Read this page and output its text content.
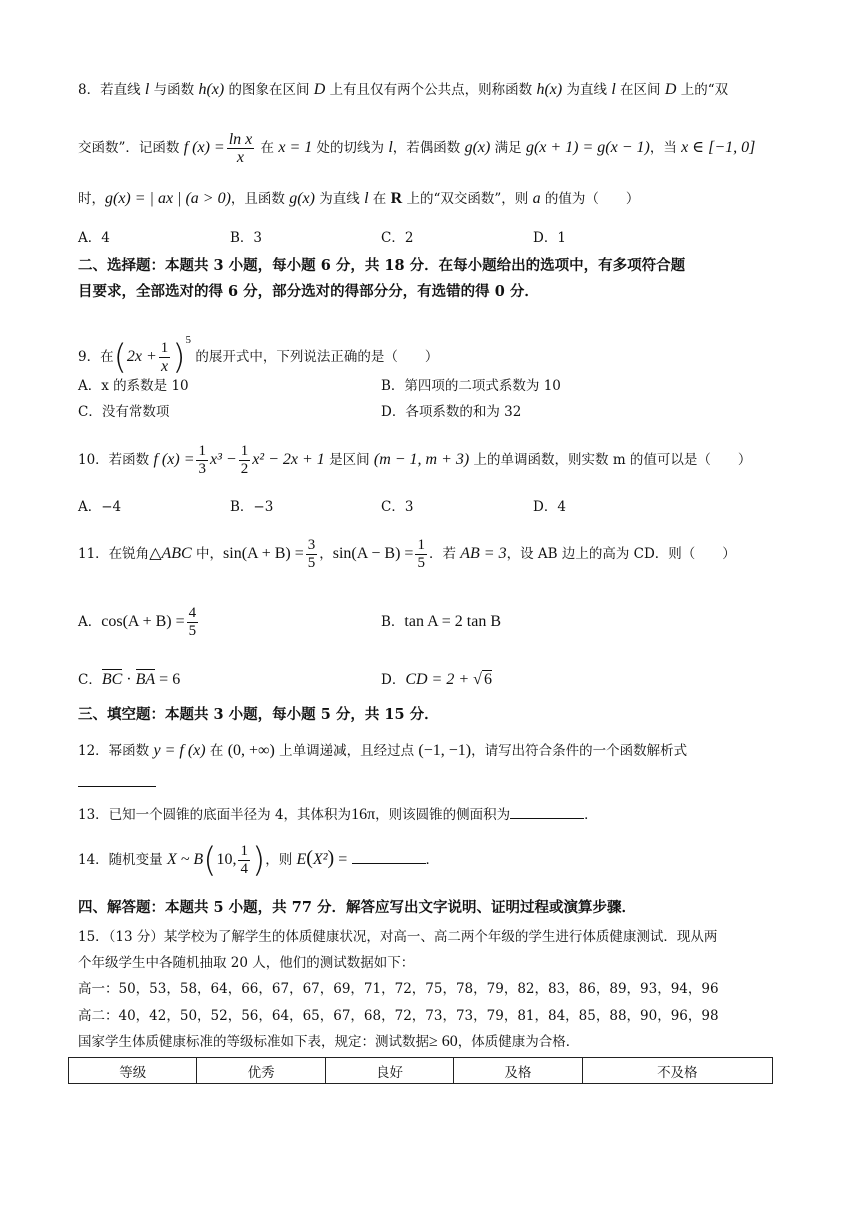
8．若直线 l 与函数 h(x) 的图象在区间 D 上有且仅有两个公共点，则称函数 h(x) 为直线 l 在区间 D 上的“双
交函数”．记函数 f $(x) = \frac{\text{ln x}}{x}$ 在 x = 1 处的切线为 l，若偶函数 g(x) 满足 g(x + 1) = g(x − 1)，当 x ∈ [−1, 0]
时，g(x) = | ax | (a > 0)，且函数 g(x) 为直线 l 在 R 上的“双交函数”，则 a 的值为（　　）
A．4	B．3	C．2	D．1
二、选择题：本题共 3 小题，每小题 6 分，共 18 分．在每小题给出的选项中，有多项符合题
目要求，全部选对的得 6 分，部分选对的得部分分，有选错的得 0 分．
9．在$(2x + \frac{1}{x} )^5$ 的展开式中，下列说法正确的是（　　）
A．x 的系数是 10	B．第四项的二项式系数为 10
C．没有常数项	D．各项系数的和为 32
10．若函数 f $(x) = \frac{1}{3} x^3 - \frac{1}{2} x^2 - 2x + 1$ 是区间 (m − 1, m + 3) 上的单调函数，则实数 m 的值可以是（　　）
A．−4	B．−3	C．3	D．4
11．在锐角△ABC 中，$\sin(A + B) = \frac{3}{5}$ ，$\sin(A - B) = \frac{1}{5}$ ．若 AB = 3，设 AB 边上的高为 CD．则（　　）
A．$\cos(A + B) = \frac{4}{5}$	B．tan A = 2 tan B
C．BC · BA = 6	D．CD = 2 + √ 6
三、填空题：本题共 3 小题，每小题 5 分，共 15 分．
12．幂函数 y = f (x) 在 (0, +∞) 上单调递减，且经过点 (−1, −1)，请写出符合条件的一个函数解析式
13．已知一个圆锥的底面半径为 4，其体积为16π，则该圆锥的侧面积为	．
14．随机变量 X ~ B(10, $\frac{1}{4}$ )，则 E(X²) =	．
四、解答题：本题共 5 小题，共 77 分．解答应写出文字说明、证明过程或演算步骤．
15．（13 分）某学校为了解学生的体质健康状况，对高一、高二两个年级的学生进行体质健康测试．现从两
个年级学生中各随机抽取 20 人，他们的测试数据如下：
高一：50，53，58，64，66，67，67，69，71，72，75，78，79，82，83，86，89，93，94，96
高二：40，42，50，52，56，64，65，67，68，72，73，73，79，81，84，85，88，90，96，98
国家学生体质健康标准的等级标准如下表，规定：测试数据≥ 60，体质健康为合格．
等级	优秀	良好	及格	不及格
